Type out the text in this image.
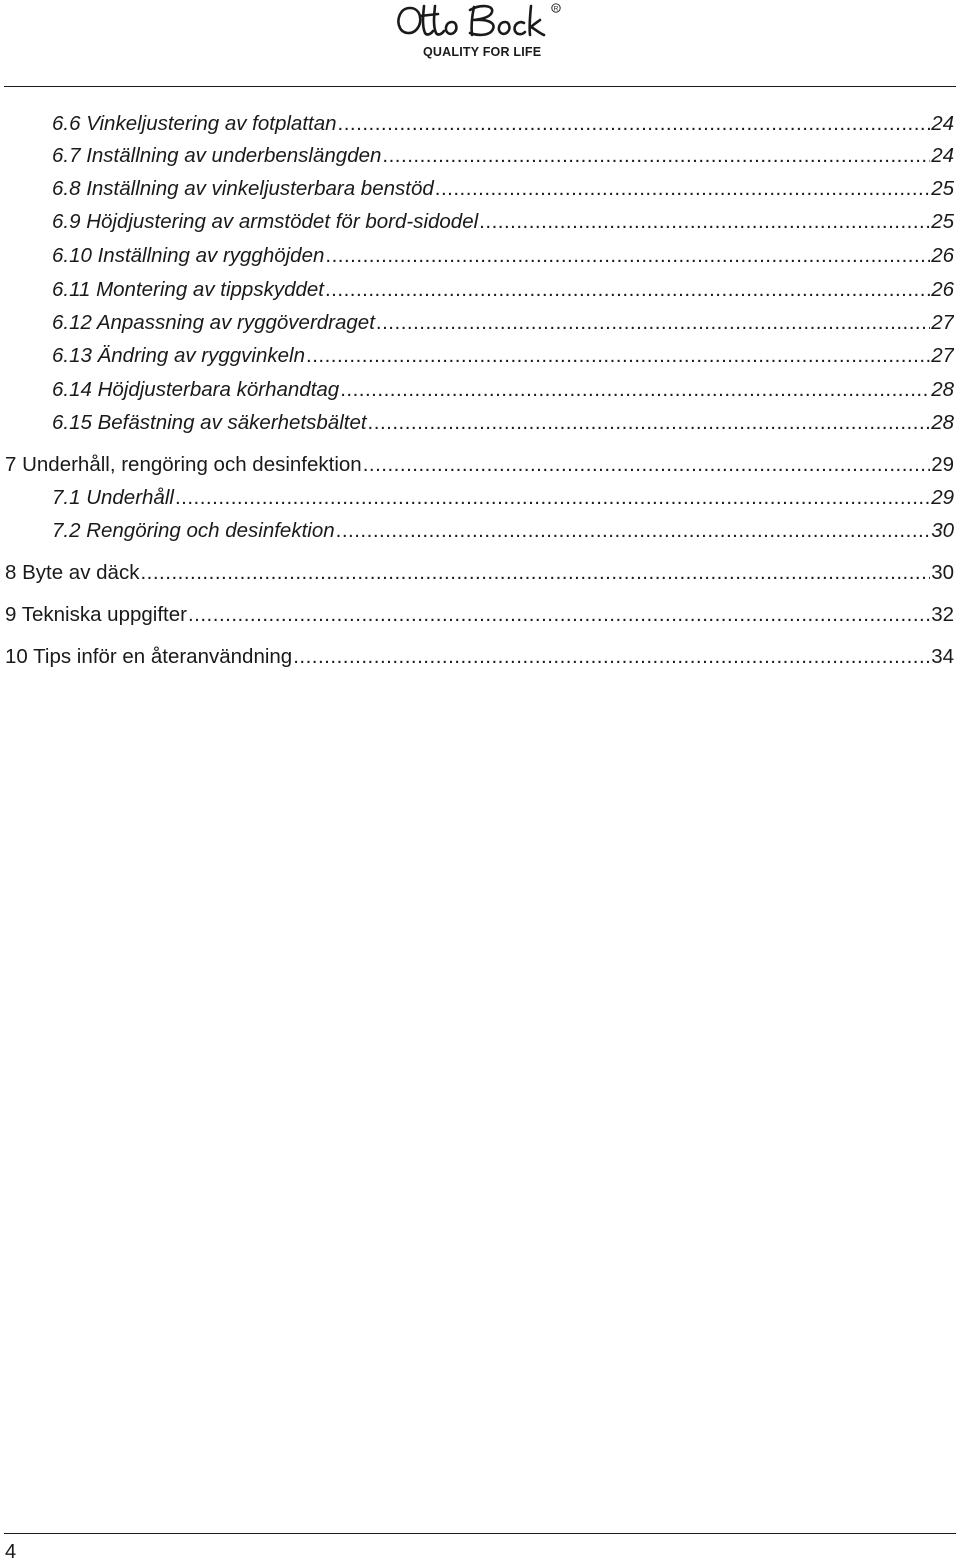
R
QUALITY FOR LIFE
6.6 Vinkeljustering av fotplattan .....	24
6.7 Inställning av underbenslängden .....	24
6.8 Inställning av vinkeljusterbara benstöd .....	25
6.9 Höjdjustering av armstödet för bord-sidodel .....	25
6.10 Inställning av rygghöjden .....	26
6.11 Montering av tippskyddet .....	26
6.12 Anpassning av ryggöverdraget .....	27
6.13 Ändring av ryggvinkeln .....	27
6.14 Höjdjusterbara körhandtag .....	28
6.15 Befästning av säkerhetsbältet .....	28
7 Underhåll, rengöring och desinfektion .....	29
7.1 Underhåll .....	29
7.2 Rengöring och desinfektion .....	30
8 Byte av däck .....	30
9 Tekniska uppgifter .....	32
10 Tips inför en återanvändning .....	34
4
